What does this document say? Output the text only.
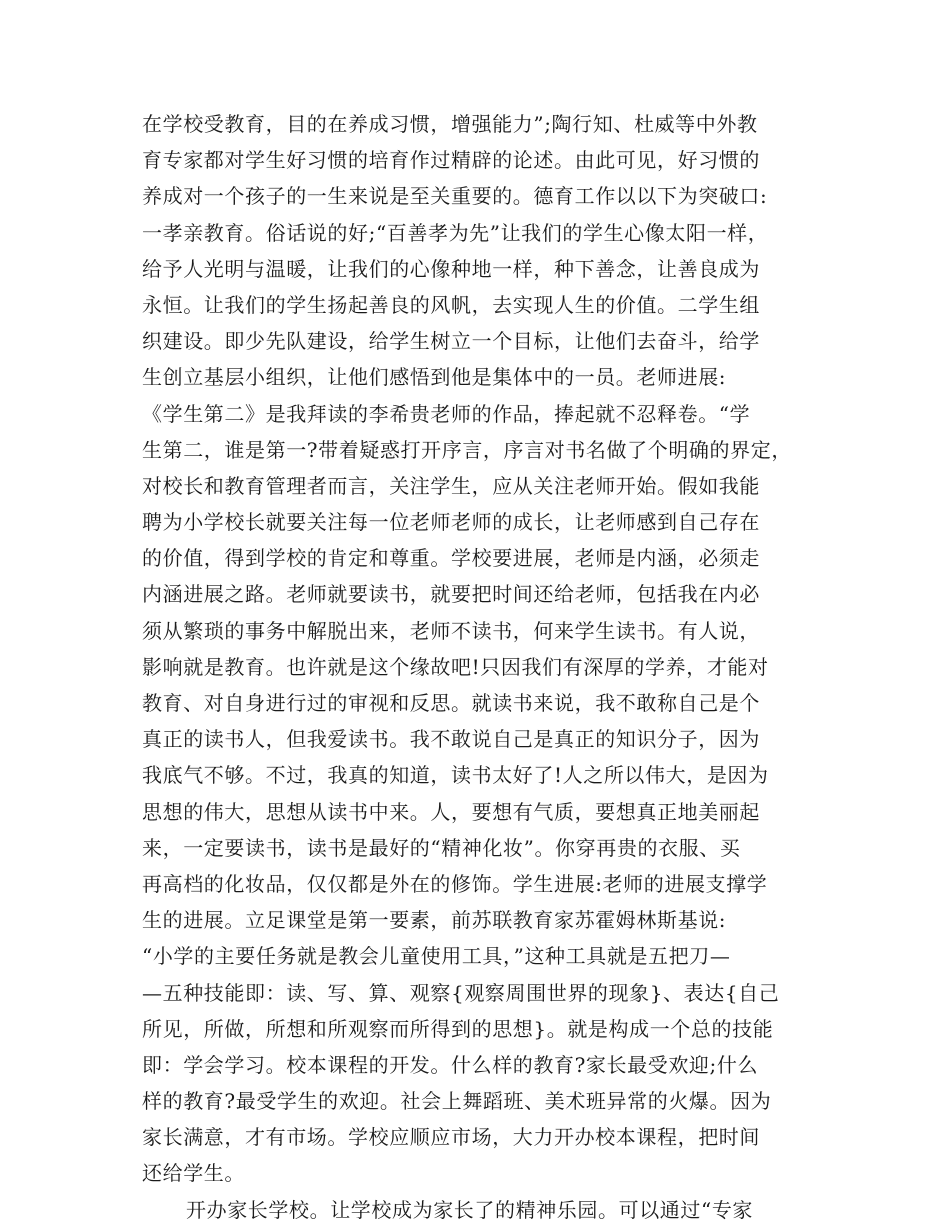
在学校受教育，目的在养成习惯，增强能力”;陶行知、杜威等中外教
育专家都对学生好习惯的培育作过精辟的论述。由此可见，好习惯的
养成对一个孩子的一生来说是至关重要的。德育工作以以下为突破口:
一孝亲教育。俗话说的好;“百善孝为先”让我们的学生心像太阳一样，
给予人光明与温暖，让我们的心像种地一样，种下善念，让善良成为
永恒。让我们的学生扬起善良的风帆，去实现人生的价值。二学生组
织建设。即少先队建设，给学生树立一个目标，让他们去奋斗，给学
生创立基层小组织，让他们感悟到他是集体中的一员。老师进展:
《学生第二》是我拜读的李希贵老师的作品，捧起就不忍释卷。“学
生第二，谁是第一?带着疑惑打开序言，序言对书名做了个明确的界定，
对校长和教育管理者而言，关注学生，应从关注老师开始。假如我能
聘为小学校长就要关注每一位老师老师的成长，让老师感到自己存在
的价值，得到学校的肯定和尊重。学校要进展，老师是内涵，必须走
内涵进展之路。老师就要读书，就要把时间还给老师，包括我在内必
须从繁琐的事务中解脱出来，老师不读书，何来学生读书。有人说，
影响就是教育。也许就是这个缘故吧!只因我们有深厚的学养，才能对
教育、对自身进行过的审视和反思。就读书来说，我不敢称自己是个
真正的读书人，但我爱读书。我不敢说自己是真正的知识分子，因为
我底气不够。不过，我真的知道，读书太好了!人之所以伟大，是因为
思想的伟大，思想从读书中来。人，要想有气质，要想真正地美丽起
来，一定要读书，读书是最好的“精神化妆”。你穿再贵的衣服、买
再高档的化妆品，仅仅都是外在的修饰。学生进展:老师的进展支撑学
生的进展。立足课堂是第一要素，前苏联教育家苏霍姆林斯基说:
“小学的主要任务就是教会儿童使用工具，”这种工具就是五把刀—
—五种技能即：读、写、算、观察{观察周围世界的现象}、表达{自己
所见，所做，所想和所观察而所得到的思想}。就是构成一个总的技能
即：学会学习。校本课程的开发。什么样的教育?家长最受欢迎;什么
样的教育?最受学生的欢迎。社会上舞蹈班、美术班异常的火爆。因为
家长满意，才有市场。学校应顺应市场，大力开办校本课程，把时间
还给学生。
开办家长学校。让学校成为家长了的精神乐园。可以通过“专家
